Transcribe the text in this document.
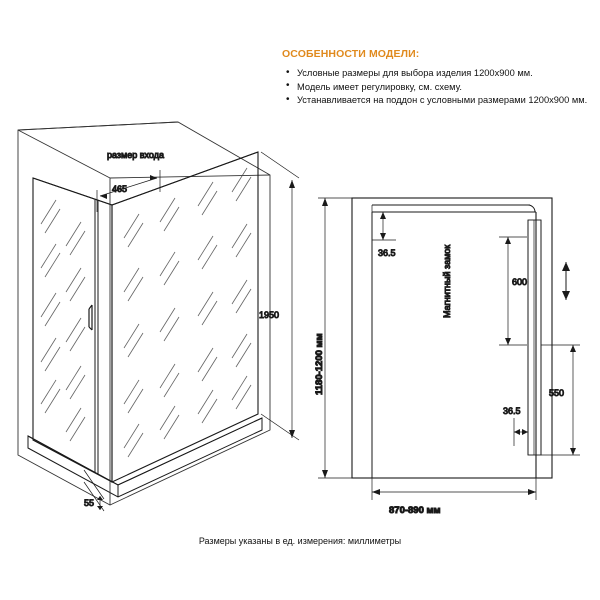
ОСОБЕННОСТИ МОДЕЛИ:
• Условные размеры для выбора изделия 1200х900 мм.
• Модель имеет регулировку, см. схему.
• Устанавливается на поддон с условными размерами 1200х900 мм.
465
размер входа
1950
55
36.5
36.5
600
550
1180-1200 мм
870-890 мм
Магнитный замок
Размеры указаны в ед. измерения: миллиметры
